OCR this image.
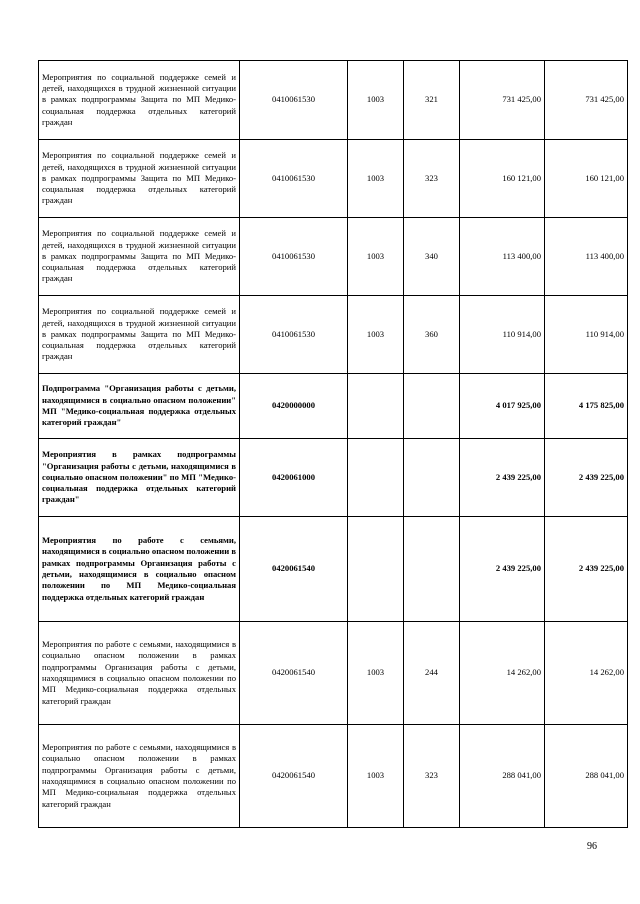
Мероприятия по социальной поддержке семей и детей, находящихся в трудной жизненной ситуации в рамках подпрограммы Защита по МП Медико-социальная поддержка отдельных категорий граждан	0410061530	1003	321	731 425,00	731 425,00
Мероприятия по социальной поддержке семей и детей, находящихся в трудной жизненной ситуации в рамках подпрограммы Защита по МП Медико-социальная поддержка отдельных категорий граждан	0410061530	1003	323	160 121,00	160 121,00
Мероприятия по социальной поддержке семей и детей, находящихся в трудной жизненной ситуации в рамках подпрограммы Защита по МП Медико-социальная поддержка отдельных категорий граждан	0410061530	1003	340	113 400,00	113 400,00
Мероприятия по социальной поддержке семей и детей, находящихся в трудной жизненной ситуации в рамках подпрограммы Защита по МП Медико-социальная поддержка отдельных категорий граждан	0410061530	1003	360	110 914,00	110 914,00
Подпрограмма "Организация работы с детьми, находящимися в социально опасном положении" МП "Медико-социальная поддержка отдельных категорий граждан"	0420000000			4 017 925,00	4 175 825,00
Мероприятия в рамках подпрограммы "Организация работы с детьми, находящимися в социально опасном положении" по МП "Медико-социальная поддержка отдельных категорий граждан"	0420061000			2 439 225,00	2 439 225,00
Мероприятия по работе с семьями, находящимися в социально опасном положении в рамках подпрограммы Организация работы с детьми, находящимися в социально опасном положении по МП Медико-социальная поддержка отдельных категорий граждан	0420061540			2 439 225,00	2 439 225,00
Мероприятия по работе с семьями, находящимися в социально опасном положении в рамках подпрограммы Организация работы с детьми, находящимися в социально опасном положении по МП Медико-социальная поддержка отдельных категорий граждан	0420061540	1003	244	14 262,00	14 262,00
Мероприятия по работе с семьями, находящимися в социально опасном положении в рамках подпрограммы Организация работы с детьми, находящимися в социально опасном положении по МП Медико-социальная поддержка отдельных категорий граждан	0420061540	1003	323	288 041,00	288 041,00
96
